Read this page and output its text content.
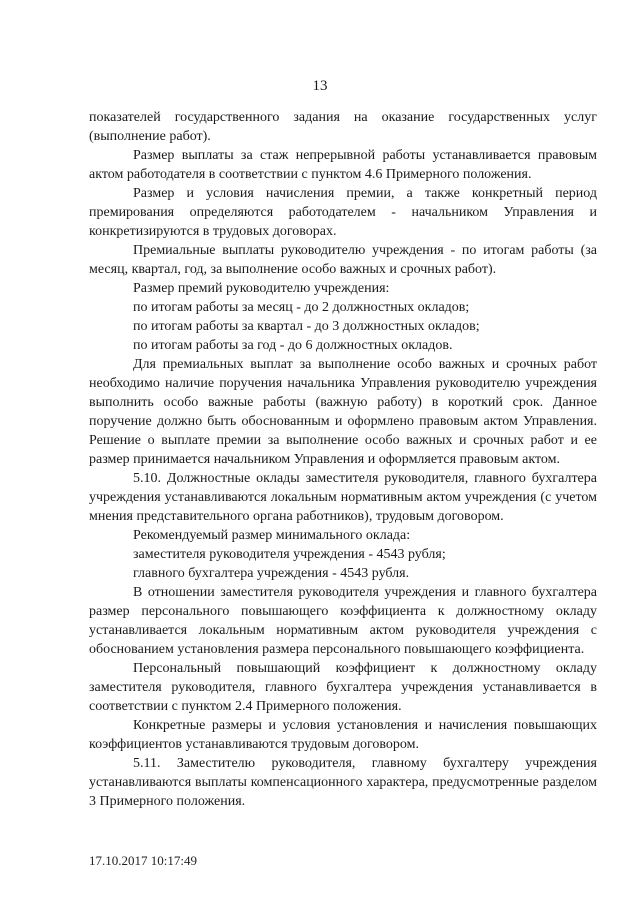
13

показателей государственного задания на оказание государственных услуг (выполнение работ).

Размер выплаты за стаж непрерывной работы устанавливается правовым актом работодателя в соответствии с пунктом 4.6 Примерного положения.

Размер и условия начисления премии, а также конкретный период премирования определяются работодателем - начальником Управления и конкретизируются в трудовых договорах.

Премиальные выплаты руководителю учреждения - по итогам работы (за месяц, квартал, год, за выполнение особо важных и срочных работ).

Размер премий руководителю учреждения:

по итогам работы за месяц - до 2 должностных окладов;

по итогам работы за квартал - до 3 должностных окладов;

по итогам работы за год - до 6 должностных окладов.

Для премиальных выплат за выполнение особо важных и срочных работ необходимо наличие поручения начальника Управления руководителю учреждения выполнить особо важные работы (важную работу) в короткий срок. Данное поручение должно быть обоснованным и оформлено правовым актом Управления. Решение о выплате премии за выполнение особо важных и срочных работ и ее размер принимается начальником Управления и оформляется правовым актом.

5.10. Должностные оклады заместителя руководителя, главного бухгалтера учреждения устанавливаются локальным нормативным актом учреждения (с учетом мнения представительного органа работников), трудовым договором.

Рекомендуемый размер минимального оклада:

заместителя руководителя учреждения - 4543 рубля;

главного бухгалтера учреждения - 4543 рубля.

В отношении заместителя руководителя учреждения и главного бухгалтера размер персонального повышающего коэффициента к должностному окладу устанавливается локальным нормативным актом руководителя учреждения с обоснованием установления размера персонального повышающего коэффициента.

Персональный повышающий коэффициент к должностному окладу заместителя руководителя, главного бухгалтера учреждения устанавливается в соответствии с пунктом 2.4 Примерного положения.

Конкретные размеры и условия установления и начисления повышающих коэффициентов устанавливаются трудовым договором.

5.11. Заместителю руководителя, главному бухгалтеру учреждения устанавливаются выплаты компенсационного характера, предусмотренные разделом 3 Примерного положения.

17.10.2017 10:17:49
